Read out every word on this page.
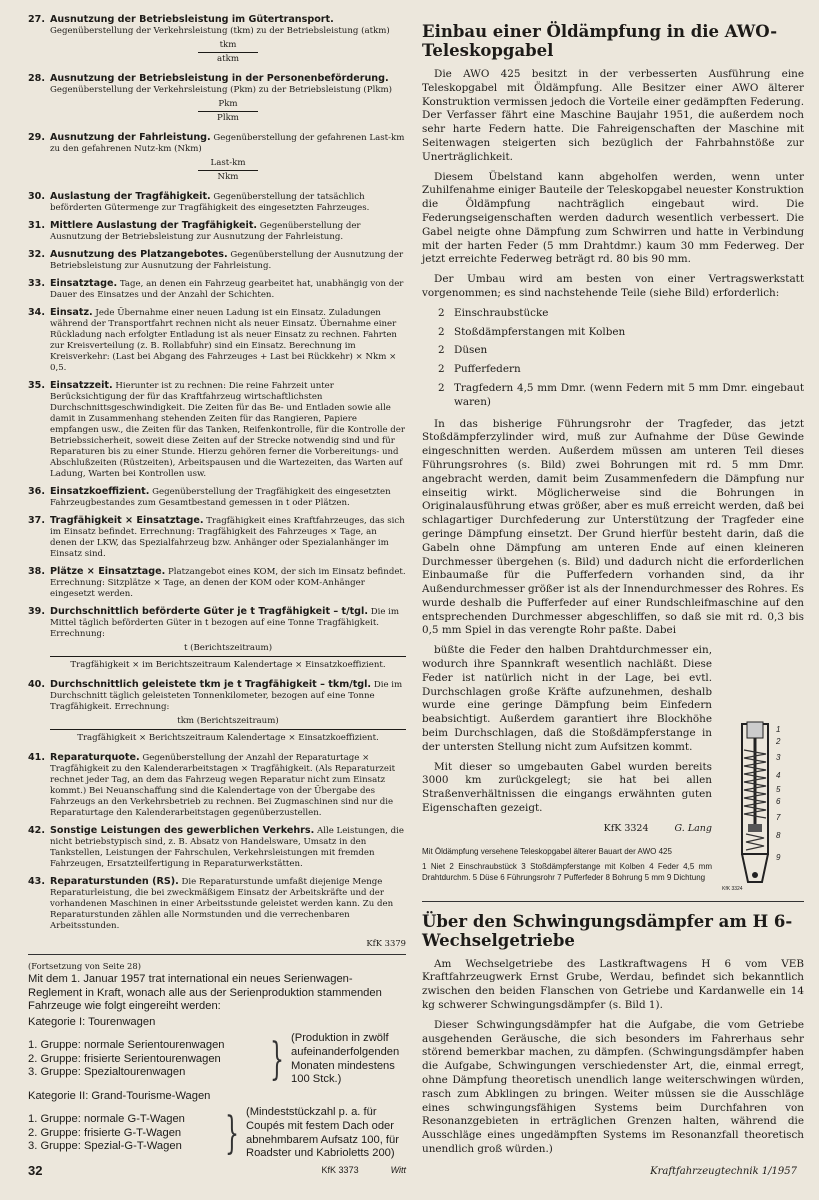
27. Ausnutzung der Betriebsleistung im Gütertransport. Gegenüberstellung der Verkehrsleistung (tkm) zu der Betriebsleistung (atkm)
tkm
atkm
28. Ausnutzung der Betriebsleistung in der Personenbeförderung. Gegenüberstellung der Verkehrsleistung (Pkm) zu der Betriebsleistung (Plkm)
Pkm
Plkm
29. Ausnutzung der Fahrleistung. Gegenüberstellung der gefahrenen Last-km zu den gefahrenen Nutz-km (Nkm)
Last-km
Nkm
30. Auslastung der Tragfähigkeit. Gegenüberstellung der tatsächlich beförderten Gütermenge zur Tragfähigkeit des eingesetzten Fahrzeuges.
31. Mittlere Auslastung der Tragfähigkeit. Gegenüberstellung der Ausnutzung der Betriebsleistung zur Ausnutzung der Fahrleistung.
32. Ausnutzung des Platzangebotes. Gegenüberstellung der Ausnutzung der Betriebsleistung zur Ausnutzung der Fahrleistung.
33. Einsatztage. Tage, an denen ein Fahrzeug gearbeitet hat, unabhängig von der Dauer des Einsatzes und der Anzahl der Schichten.
34. Einsatz. Jede Übernahme einer neuen Ladung ist ein Einsatz. Zuladungen während der Transportfahrt rechnen nicht als neuer Einsatz. Übernahme einer Rückladung nach erfolgter Entladung ist als neuer Einsatz zu rechnen. Fahrten zur Kreisverteilung (z. B. Rollabfuhr) sind ein Einsatz. Berechnung im Kreisverkehr: (Last bei Abgang des Fahrzeuges + Last bei Rückkehr) × Nkm × 0,5.
35. Einsatzzeit. Hierunter ist zu rechnen: Die reine Fahrzeit unter Berücksichtigung der für das Kraftfahrzeug wirtschaftlichsten Durchschnittsgeschwindigkeit. Die Zeiten für das Be- und Entladen sowie alle damit in Zusammenhang stehenden Zeiten für das Rangieren, Papiere empfangen usw., die Zeiten für das Tanken, Reifenkontrolle, für die Kontrolle der Betriebssicherheit, soweit diese Zeiten auf der Strecke notwendig sind und für Reparaturen bis zu einer Stunde. Hierzu gehören ferner die Vorbereitungs- und Abschlußzeiten (Rüstzeiten), Arbeitspausen und die Wartezeiten, das Warten auf Ladung, Warten bei Kontrollen usw.
36. Einsatzkoeffizient. Gegenüberstellung der Tragfähigkeit des eingesetzten Fahrzeugbestandes zum Gesamtbestand gemessen in t oder Plätzen.
37. Tragfähigkeit × Einsatztage. Tragfähigkeit eines Kraftfahrzeuges, das sich im Einsatz befindet. Errechnung: Tragfähigkeit des Fahrzeuges × Tage, an denen der LKW, das Spezialfahrzeug bzw. Anhänger oder Spezialanhänger im Einsatz sind.
38. Plätze × Einsatztage. Platzangebot eines KOM, der sich im Einsatz befindet. Errechnung: Sitzplätze × Tage, an denen der KOM oder KOM-Anhänger eingesetzt werden.
39. Durchschnittlich beförderte Güter je t Tragfähigkeit – t/tgl. Die im Mittel täglich beförderten Güter in t bezogen auf eine Tonne Tragfähigkeit. Errechnung:
t (Berichtszeitraum)
Tragfähigkeit × im Berichtszeitraum Kalendertage × Einsatzkoeffizient.
40. Durchschnittlich geleistete tkm je t Tragfähigkeit – tkm/tgl. Die im Durchschnitt täglich geleisteten Tonnenkilometer, bezogen auf eine Tonne Tragfähigkeit. Errechnung:
tkm (Berichtszeitraum)
Tragfähigkeit × Berichtszeitraum Kalendertage × Einsatzkoeffizient.
41. Reparaturquote. Gegenüberstellung der Anzahl der Reparaturtage × Tragfähigkeit zu den Kalenderarbeitstagen × Tragfähigkeit. (Als Reparaturzeit rechnet jeder Tag, an dem das Fahrzeug wegen Reparatur nicht zum Einsatz kommt.) Bei Neuanschaffung sind die Kalendertage von der Übergabe des Fahrzeugs an den Verkehrsbetrieb zu rechnen. Bei Zugmaschinen sind nur die Reparaturtage den Kalenderarbeitstagen gegenüberzustellen.
42. Sonstige Leistungen des gewerblichen Verkehrs. Alle Leistungen, die nicht betriebstypisch sind, z. B. Absatz von Handelsware, Umsatz in den Tankstellen, Leistungen der Fahrschulen, Verkehrsleistungen mit fremden Fahrzeugen, Ersatzteilfertigung in Reparaturwerkstätten.
43. Reparaturstunden (RS). Die Reparaturstunde umfaßt diejenige Menge Reparaturleistung, die bei zweckmäßigem Einsatz der Arbeitskräfte und der vorhandenen Maschinen in einer Arbeitsstunde geleistet werden kann. Zu den Reparaturstunden zählen alle Normstunden und die verrechenbaren Arbeitsstunden.
KfK 3379
(Fortsetzung von Seite 28)

Mit dem 1. Januar 1957 trat international ein neues Serienwagen-Reglement in Kraft, wonach alle aus der Serienproduktion stammenden Fahrzeuge wie folgt eingereiht werden:

Kategorie I: Tourenwagen

1. Gruppe: normale Serientourenwagen
2. Gruppe: frisierte Serientourenwagen
3. Gruppe: Spezialtourenwagen	} (Produktion in zwölf aufeinanderfolgenden Monaten mindestens 100 Stck.)

Kategorie II: Grand-Tourisme-Wagen

1. Gruppe: normale G-T-Wagen
2. Gruppe: frisierte G-T-Wagen
3. Gruppe: Spezial-G-T-Wagen } (Mindeststückzahl p. a. für Coupés mit festem Dach oder abnehmbarem Aufsatz 100, für Roadster und Kabrioletts 200)
KfK 3373	Witt
Einbau einer Öldämpfung in die AWO-Teleskopgabel

Die AWO 425 besitzt in der verbesserten Ausführung eine Teleskopgabel mit Öldämpfung. Alle Besitzer einer AWO älterer Konstruktion vermissen jedoch die Vorteile einer gedämpften Federung. Der Verfasser fährt eine Maschine Baujahr 1951, die außerdem noch sehr harte Federn hatte. Die Fahreigenschaften der Maschine mit Seitenwagen steigerten sich bezüglich der Fahrbahnstöße zur Unerträglichkeit.

Diesem Übelstand kann abgeholfen werden, wenn unter Zuhilfenahme einiger Bauteile der Teleskopgabel neuester Konstruktion die Öldämpfung nachträglich eingebaut wird. Die Federungseigenschaften werden dadurch wesentlich verbessert. Die Gabel neigte ohne Dämpfung zum Schwirren und hatte in Verbindung mit der harten Feder (5 mm Drahtdmr.) kaum 30 mm Federweg. Der jetzt erreichte Federweg beträgt rd. 80 bis 90 mm.

Der Umbau wird am besten von einer Vertragswerkstatt vorgenommen; es sind nachstehende Teile (siehe Bild) erforderlich:

2 Einschraubstücke
2 Stoßdämpferstangen mit Kolben
2 Düsen
2 Pufferfedern
2 Tragfedern 4,5 mm Dmr. (wenn Federn mit 5 mm Dmr. eingebaut waren)

In das bisherige Führungsrohr der Tragfeder, das jetzt Stoßdämpferzylinder wird, muß zur Aufnahme der Düse Gewinde eingeschnitten werden. Außerdem müssen am unteren Teil dieses Führungsrohres (s. Bild) zwei Bohrungen mit rd. 5 mm Dmr. angebracht werden, damit beim Zusammenfedern die Dämpfung nur einseitig wirkt. Möglicherweise sind die Bohrungen in Originalausführung etwas größer, aber es muß erreicht werden, daß bei schlagartiger Durchfederung zur Unterstützung der Tragfeder eine geringe Dämpfung einsetzt. Der Grund hierfür besteht darin, daß die Gabeln ohne Dämpfung am unteren Ende auf einen kleineren Durchmesser übergehen (s. Bild) und dadurch nicht die erforderlichen Einbaumaße für die Pufferfedern vorhanden sind, da ihr Außendurchmesser größer ist als der Innendurchmesser des Rohres. Es wurde deshalb die Pufferfeder auf einer Rundschleifmaschine auf den entsprechenden Durchmesser abgeschliffen, so daß sie mit rd. 0,3 bis 0,5 mm Spiel in das verengte Rohr paßte. Dabei

büßte die Feder den halben Drahtdurchmesser ein, wodurch ihre Spannkraft wesentlich nachläßt. Diese Feder ist natürlich nicht in der Lage, bei evtl. Durchschlagen große Kräfte aufzunehmen, deshalb wurde eine geringe Dämpfung beim Einfedern beabsichtigt. Außerdem garantiert ihre Blockhöhe beim Durchschlagen, daß die Stoßdämpferstange in der untersten Stellung nicht zum Aufsitzen kommt.

Mit dieser so umgebauten Gabel wurden bereits 3000 km zurückgelegt; sie hat bei allen Straßenverhältnissen die eingangs erwähnten guten Eigenschaften gezeigt.

KfK 3324	G. Lang
Mit Öldämpfung versehene Teleskopgabel älterer Bauart der AWO 425
1 Niet 2 Einschraubstück 3 Stoßdämpferstange mit Kolben 4 Feder 4,5 mm Drahtdurchm. 5 Düse 6 Führungsrohr 7 Pufferfeder 8 Bohrung 5 mm 9 Dichtung
Über den Schwingungsdämpfer am H 6-Wechselgetriebe

Am Wechselgetriebe des Lastkraftwagens H 6 vom VEB Kraftfahrzeugwerk Ernst Grube, Werdau, befindet sich bekanntlich zwischen den beiden Flanschen von Getriebe und Kardanwelle ein 14 kg schwerer Schwingungsdämpfer (s. Bild 1).

Dieser Schwingungsdämpfer hat die Aufgabe, die vom Getriebe ausgehenden Geräusche, die sich besonders im Fahrerhaus sehr störend bemerkbar machen, zu dämpfen. (Schwingungsdämpfer haben die Aufgabe, Schwingungen verschiedenster Art, die, einmal erregt, ohne Dämpfung theoretisch unendlich lange weiterschwingen würden, rasch zum Abklingen zu bringen. Weiter müssen sie die Ausschläge eines schwingungsfähigen Systems beim Durchfahren von Resonanzgebieten in erträglichen Grenzen halten, während die Ausschläge eines ungedämpften Systems im Resonanzfall theoretisch unendlich groß würden.)

1
2
3
4
5
6
7
8
9
KfK 3324
32	Kraftfahrzeugtechnik 1/1957
